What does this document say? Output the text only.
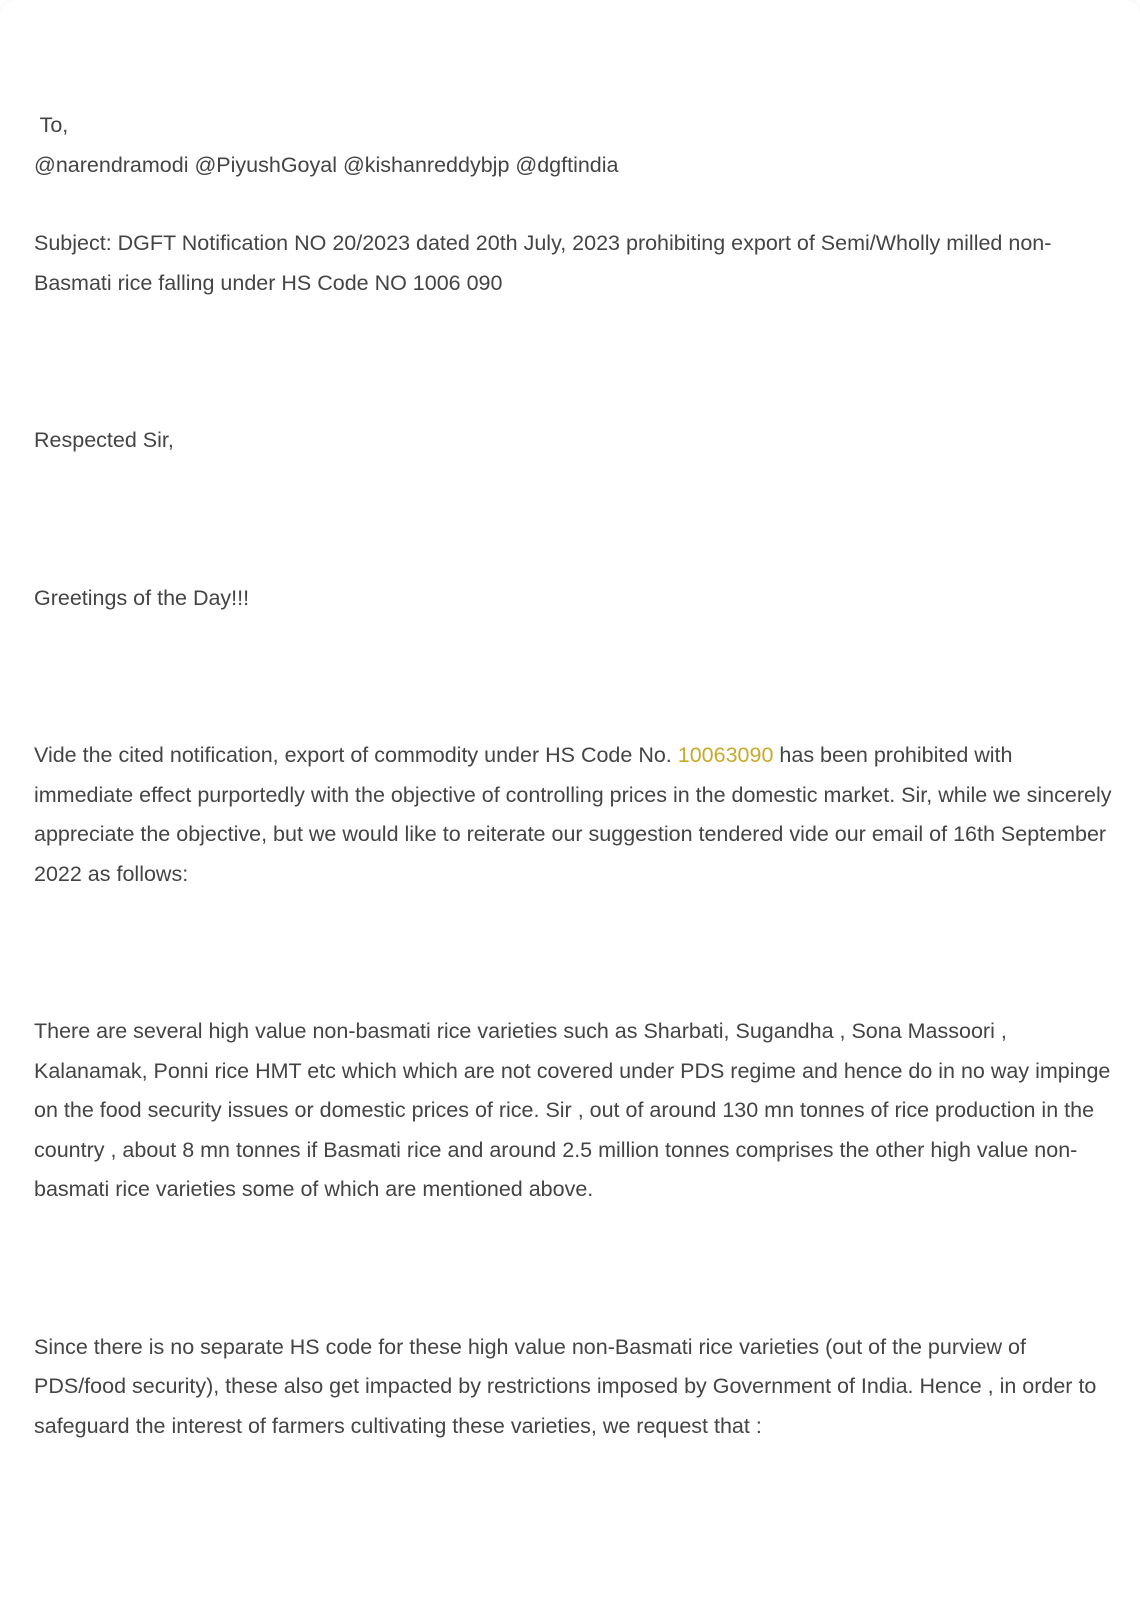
To,

@narendramodi @PiyushGoyal @kishanreddybjp @dgftindia

Subject: DGFT Notification NO 20/2023 dated 20th July, 2023 prohibiting export of Semi/Wholly milled non-Basmati rice falling under HS Code NO 1006 090

Respected Sir,

Greetings of the Day!!!

Vide the cited notification, export of commodity under HS Code No. 10063090 has been prohibited with immediate effect purportedly with the objective of controlling prices in the domestic market. Sir, while we sincerely appreciate the objective, but we would like to reiterate our suggestion tendered vide our email of 16th September 2022 as follows:

There are several high value non-basmati rice varieties such as Sharbati, Sugandha , Sona Massoori , Kalanamak, Ponni rice HMT etc which which are not covered under PDS regime and hence do in no way impinge on the food security issues or domestic prices of rice. Sir , out of around 130 mn tonnes of rice production in the country , about 8 mn tonnes if Basmati rice and around 2.5 million tonnes comprises the other high value non-basmati rice varieties some of which are mentioned above.

Since there is no separate HS code for these high value non-Basmati rice varieties (out of the purview of PDS/food security), these also get impacted by restrictions imposed by Government of India. Hence , in order to safeguard the interest of farmers cultivating these varieties, we request that :
